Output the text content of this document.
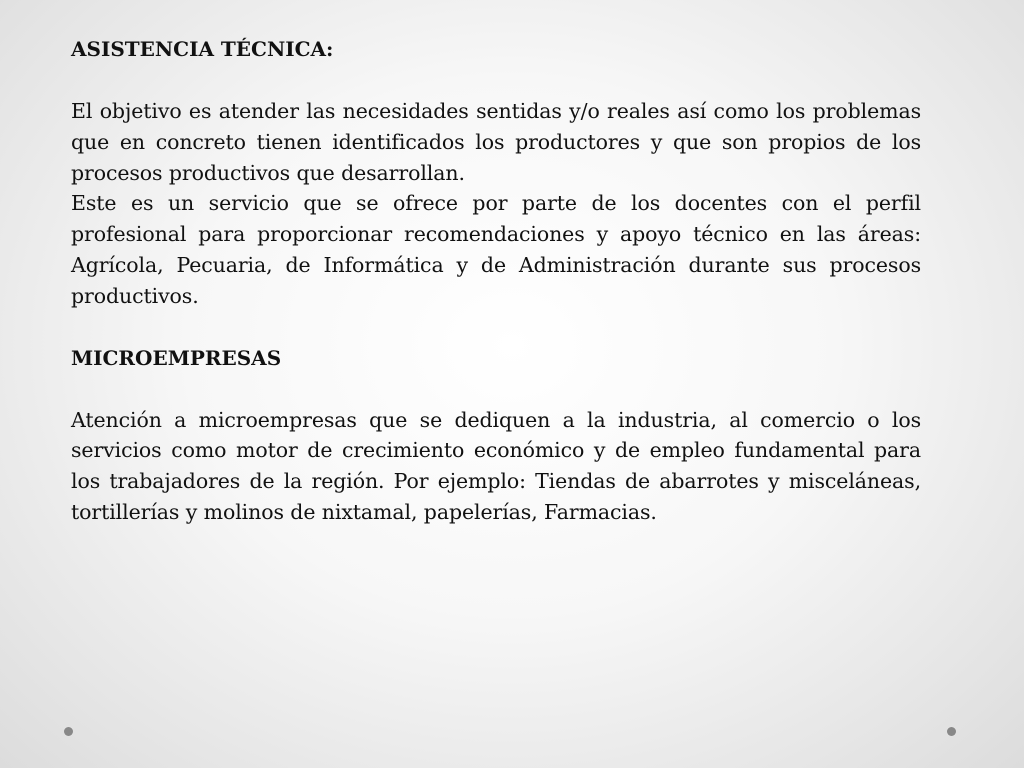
ASISTENCIA TÉCNICA:

El objetivo es atender las necesidades sentidas y/o reales así como los problemas que en concreto tienen identificados los productores y que son propios de los procesos productivos que desarrollan.

Este es un servicio que se ofrece por parte de los docentes con el perfil profesional para proporcionar recomendaciones y apoyo técnico en las áreas: Agrícola, Pecuaria, de Informática y de Administración durante sus procesos productivos.

MICROEMPRESAS

Atención a microempresas que se dediquen a la industria, al comercio o los servicios como motor de crecimiento económico y de empleo fundamental para los trabajadores de la región. Por ejemplo: Tiendas de abarrotes y misceláneas, tortillerías y molinos de nixtamal, papelerías, Farmacias.
